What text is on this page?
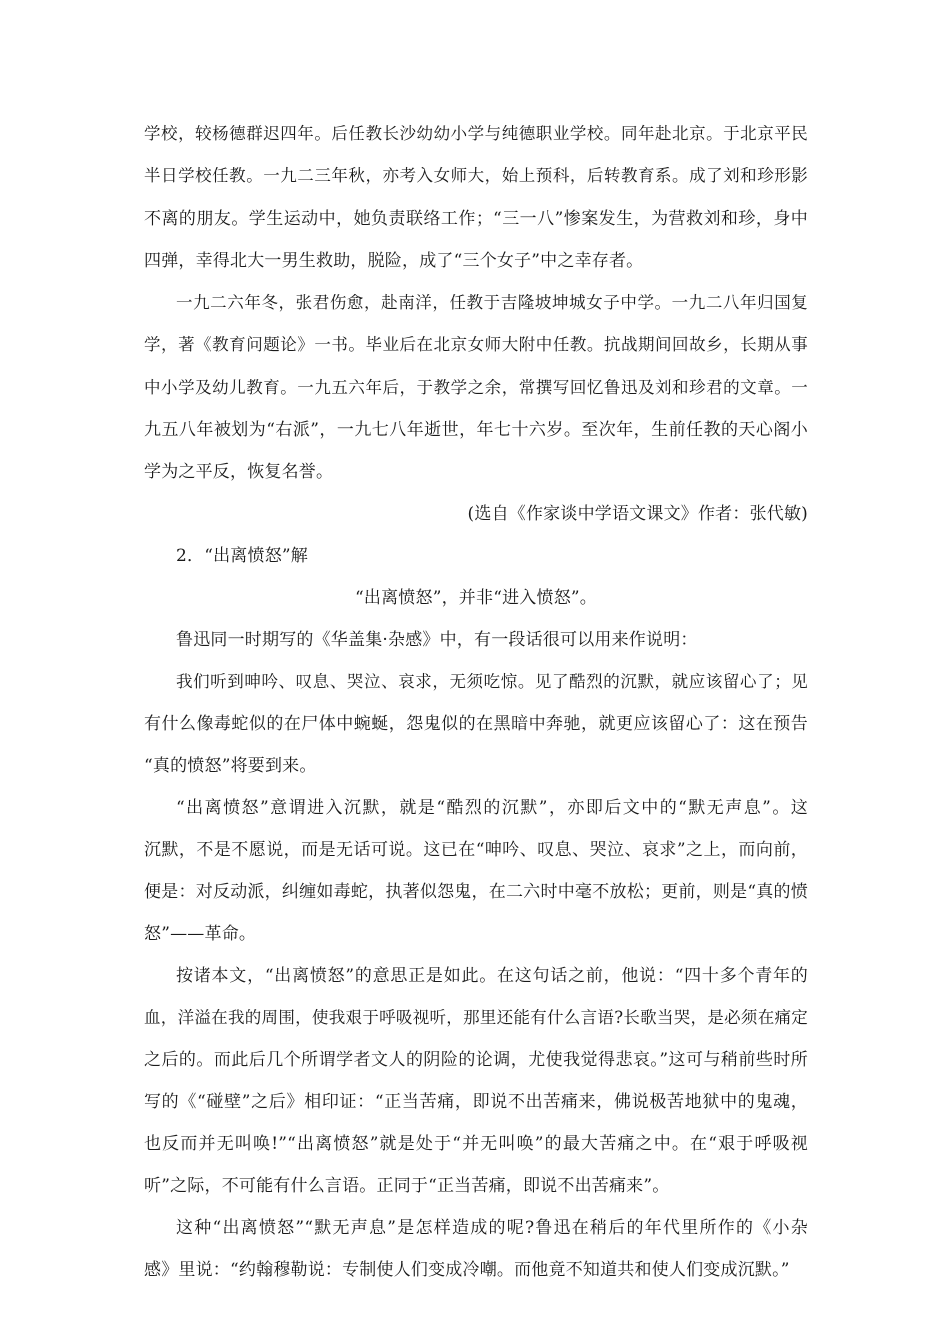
学校，较杨德群迟四年。后任教长沙幼幼小学与纯德职业学校。同年赴北京。于北京平民
半日学校任教。一九二三年秋，亦考入女师大，始上预科，后转教育系。成了刘和珍形影
不离的朋友。学生运动中，她负责联络工作；“三一八”惨案发生，为营救刘和珍，身中
四弹，幸得北大一男生救助，脱险，成了“三个女子”中之幸存者。
一九二六年冬，张君伤愈，赴南洋，任教于吉隆坡坤城女子中学。一九二八年归国复
学，著《教育问题论》一书。毕业后在北京女师大附中任教。抗战期间回故乡，长期从事
中小学及幼儿教育。一九五六年后，于教学之余，常撰写回忆鲁迅及刘和珍君的文章。一
九五八年被划为“右派”，一九七八年逝世，年七十六岁。至次年，生前任教的天心阁小
学为之平反，恢复名誉。
(选自《作家谈中学语文课文》作者：张代敏)
2．“出离愤怒”解
“出离愤怒”，并非“进入愤怒”。
鲁迅同一时期写的《华盖集·杂感》中，有一段话很可以用来作说明：
我们听到呻吟、叹息、哭泣、哀求，无须吃惊。见了酷烈的沉默，就应该留心了；见
有什么像毒蛇似的在尸体中蜿蜒，怨鬼似的在黑暗中奔驰，就更应该留心了：这在预告
“真的愤怒”将要到来。
“出离愤怒”意谓进入沉默，就是“酷烈的沉默”，亦即后文中的“默无声息”。这
沉默，不是不愿说，而是无话可说。这已在“呻吟、叹息、哭泣、哀求”之上，而向前，
便是：对反动派，纠缠如毒蛇，执著似怨鬼，在二六时中毫不放松；更前，则是“真的愤
怒”——革命。
按诸本文，“出离愤怒”的意思正是如此。在这句话之前，他说：“四十多个青年的
血，洋溢在我的周围，使我艰于呼吸视听，那里还能有什么言语?长歌当哭，是必须在痛定
之后的。而此后几个所谓学者文人的阴险的论调，尤使我觉得悲哀。”这可与稍前些时所
写的《“碰壁”之后》相印证：“正当苦痛，即说不出苦痛来，佛说极苦地狱中的鬼魂，
也反而并无叫唤!”“出离愤怒”就是处于“并无叫唤”的最大苦痛之中。在“艰于呼吸视
听”之际，不可能有什么言语。正同于“正当苦痛，即说不出苦痛来”。
这种“出离愤怒”“默无声息”是怎样造成的呢?鲁迅在稍后的年代里所作的《小杂
感》里说：“约翰穆勒说：专制使人们变成冷嘲。而他竟不知道共和使人们变成沉默。”
